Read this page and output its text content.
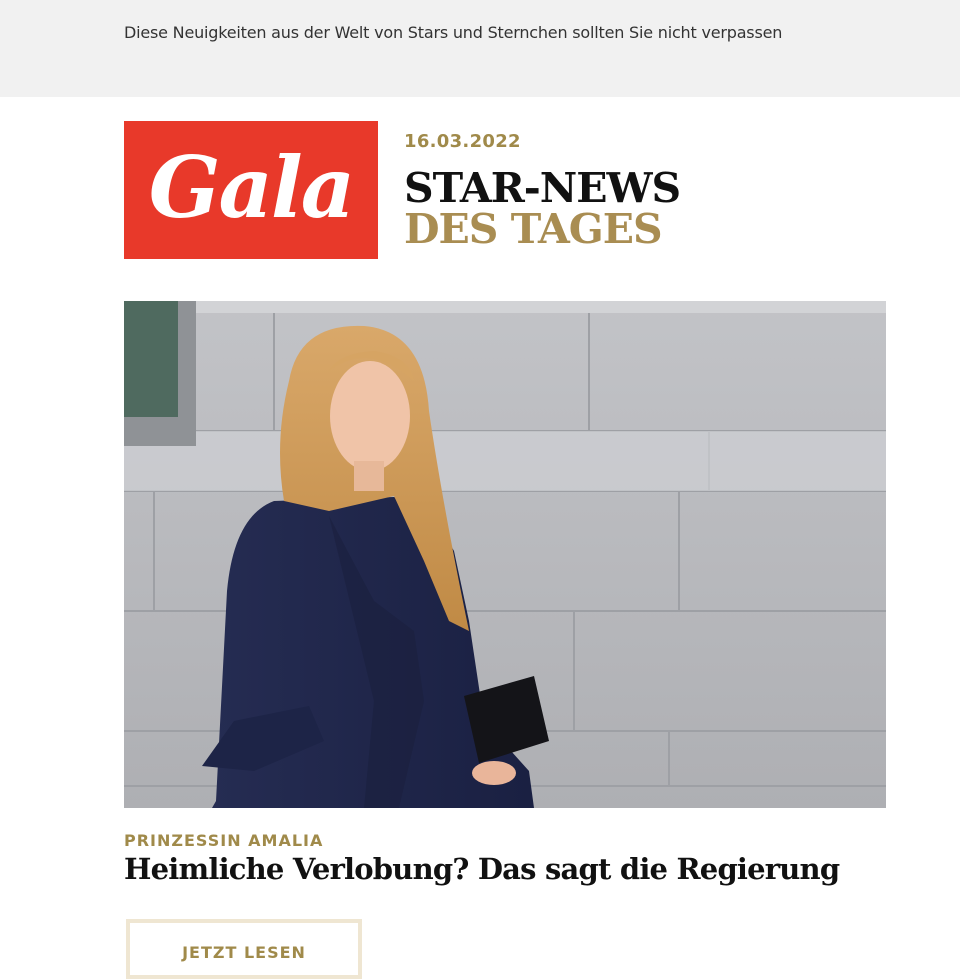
Diese Neuigkeiten aus der Welt von Stars und Sternchen sollten Sie nicht verpassen
Gala	16.03.2022
STAR-NEWS
DES TAGES
PRINZESSIN AMALIA
Heimliche Verlobung? Das sagt die Regierung
JETZT LESEN
